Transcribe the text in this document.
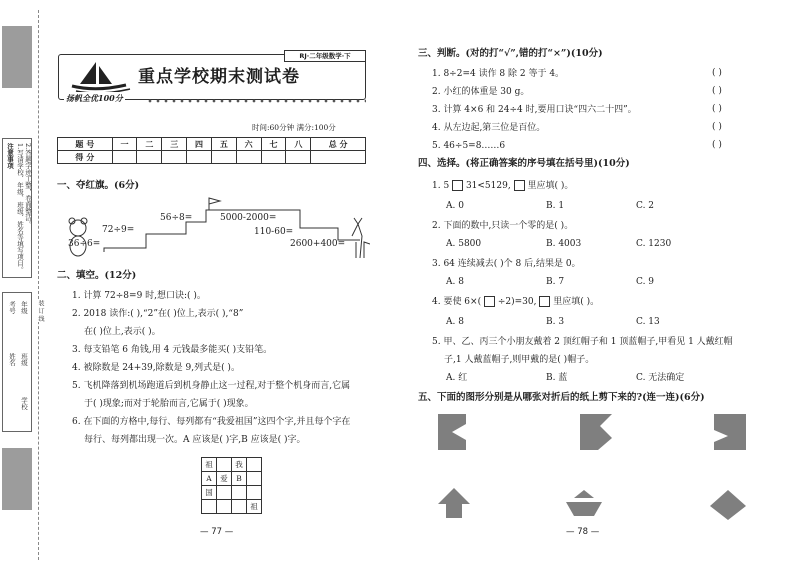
注意事项 1.写清学校、年级、班级、姓名等填写项目。 2.答题字迹工整，卷面整洁。
考号
姓名
年级
班级
学校
装 订 线
扬帆全优100分
RJ·二年级数学·下
重点学校期末测试卷
时间:60分钟 满分:100分
题 号	一	二	三	四	五	六	七	八	总 分
得 分									
一、夺红旗。(6分)
36÷6=
72÷9=
56÷8=	5000-2000=
110-60=
2600+400=
二、填空。(12分)
1. 计算 72÷8=9 时,想口诀:( )。
2. 2018 读作:( ),“2”在( )位上,表示( ),“8”
在( )位上,表示( )。
3. 每支铅笔 6 角钱,用 4 元钱最多能买( )支铅笔。
4. 被除数是 24+39,除数是 9,列式是( )。
5. 飞机降落到机场跑道后到机身静止这一过程,对于整个机身而言,它属
于( )现象;而对于轮胎而言,它属于( )现象。
6. 在下面的方格中,每行、每列都有“我爱祖国”这四个字,并且每个字在
每行、每列都出现一次。A 应该是( )字,B 应该是( )字。
祖		我	
A	爱	B	
国			
			祖
— 77 —
三、判断。(对的打“√”,错的打“×”)(10分)
1. 8÷2=4 读作 8 除 2 等于 4。	( )
2. 小红的体重是 30 g。	( )
3. 计算 4×6 和 24÷4 时,要用口诀“四六二十四”。	( )
4. 从左边起,第三位是百位。	( )
5. 46÷5=8……6	( )
四、选择。(将正确答案的序号填在括号里)(10分)
1. 5 31<5129, 里应填( )。
A. 0	B. 1	C. 2
2. 下面的数中,只读一个零的是( )。
A. 5800	B. 4003	C. 1230
3. 64 连续减去( )个 8 后,结果是 0。
A. 8	B. 7	C. 9
4. 要使 6×( ÷2)=30, 里应填( )。
A. 8	B. 3	C. 13
5. 甲、乙、丙三个小朋友戴着 2 顶红帽子和 1 顶蓝帽子,甲看见 1 人戴红帽
子,1 人戴蓝帽子,则甲戴的是( )帽子。
A. 红	B. 蓝	C. 无法确定
五、下面的图形分别是从哪张对折后的纸上剪下来的?(连一连)(6分)
— 78 —
